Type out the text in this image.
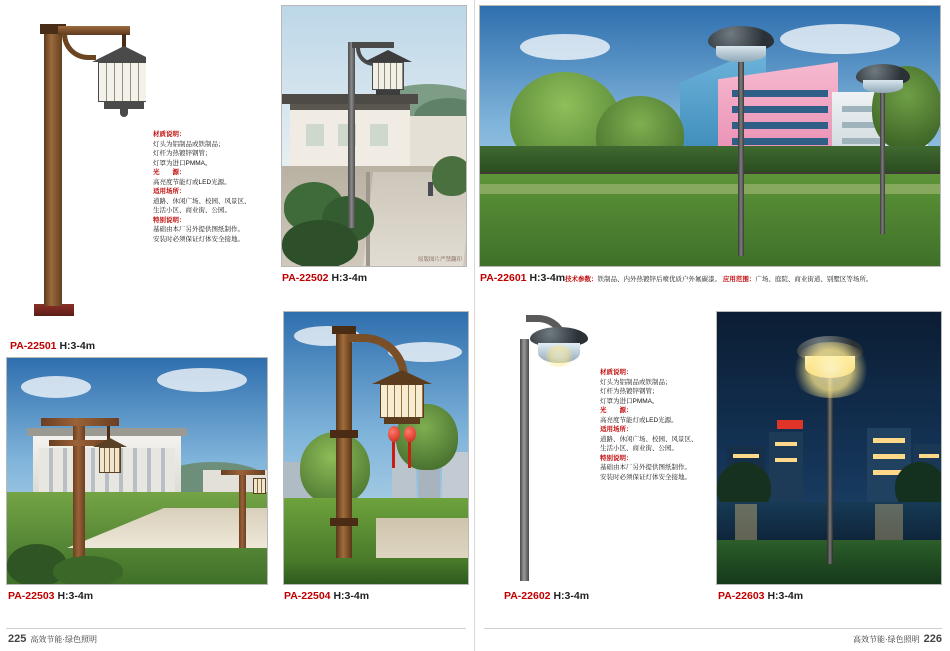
PA-22501 H:3-4m
材质说明：
灯头为铝制品或铁制品；
灯杆为热镀锌钢管；
灯罩为进口PMMA。
光　　源：
高亮度节能灯或LED光源。
适用场所：
道路、休闲广场、校园、风景区、
生活小区、商业街、公园。
特别说明：
基础由本厂另外提供图纸制作。
安装时必须保证灯体安全接地。
原版图片严禁翻印
PA-22502 H:3-4m	PA-22601 H:3-4m 技术参数：铁制品、内外热镀锌后喷优质户外氟碳漆。 应用范围：广场、庭院、商业街道、别墅区等场所。
PA-22503 H:3-4m	PA-22504 H:3-4m	PA-22602 H:3-4m
材质说明：
灯头为铝制品或铁制品；
灯杆为热镀锌钢管；
灯罩为进口PMMA。
光　　源：
高亮度节能灯或LED光源。
适用场所：
道路、休闲广场、校园、风景区、
生活小区、商业街、公园。
特别说明：
基础由本厂另外提供图纸制作。
安装时必须保证灯体安全接地。
PA-22603 H:3-4m
225 高效节能·绿色照明	高效节能·绿色照明 226
